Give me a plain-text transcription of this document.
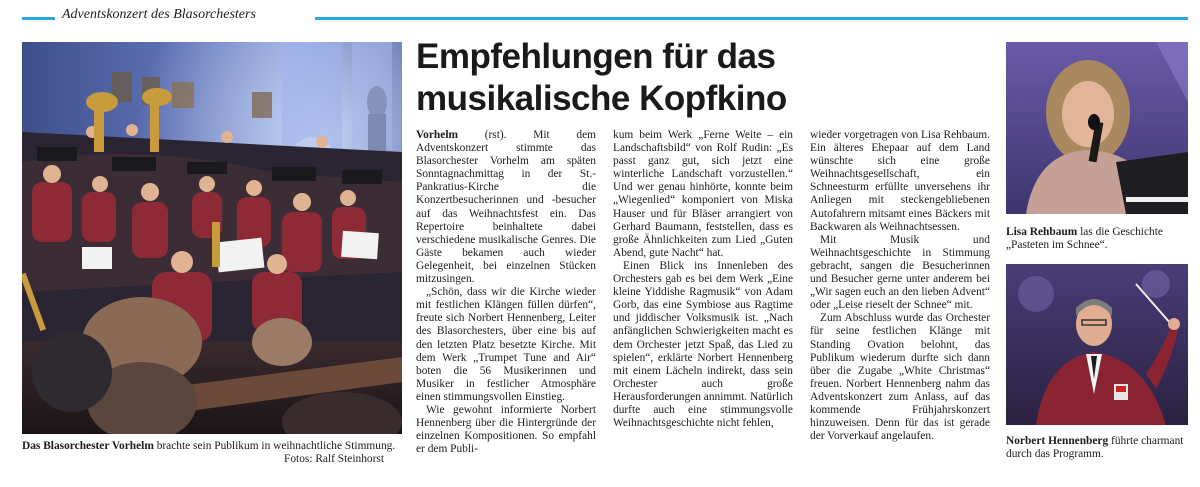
Adventskonzert des Blasorchesters
Empfehlungen für das
musikalische Kopfkino

Vorhelm (rst). Mit dem Adventskonzert stimmte das Blasorchester Vorhelm am späten Sonntagnachmittag in der St.-Pankratius-Kirche die Konzertbesucherinnen und -besucher auf das Weihnachtsfest ein. Das Repertoire beinhaltete dabei verschiedene musikalische Genres. Die Gäste bekamen auch wieder Gelegenheit, bei einzelnen Stücken mitzusingen.

„Schön, dass wir die Kirche wieder mit festlichen Klängen füllen dürfen“, freute sich Norbert Hennenberg, Leiter des Blasorchesters, über eine bis auf den letzten Platz besetzte Kirche. Mit dem Werk „Trumpet Tune and Air“ boten die 56 Musikerinnen und Musiker in festlicher Atmosphäre einen stimmungsvollen Einstieg.

Wie gewohnt informierte Norbert Hennenberg über die Hintergründe der einzelnen Kompositionen. So empfahl er dem Publi-

kum beim Werk „Ferne Weite – ein Landschaftsbild“ von Rolf Rudin: „Es passt ganz gut, sich jetzt eine winterliche Landschaft vorzustellen.“ Und wer genau hinhörte, konnte beim „Wiegenlied“ komponiert von Miska Hauser und für Bläser arrangiert von Gerhard Baumann, feststellen, dass es große Ähnlichkeiten zum Lied „Guten Abend, gute Nacht“ hat.

Einen Blick ins Innenleben des Orchesters gab es bei dem Werk „Eine kleine Yiddishe Ragmusik“ von Adam Gorb, das eine Symbiose aus Ragtime und jiddischer Volksmusik ist. „Nach anfänglichen Schwierigkeiten macht es dem Orchester jetzt Spaß, das Lied zu spielen“, erklärte Norbert Hennenberg mit einem Lächeln indirekt, dass sein Orchester auch große Herausforderungen annimmt. Natürlich durfte auch eine stimmungsvolle Weihnachtsgeschichte nicht fehlen,

wieder vorgetragen von Lisa Rehbaum. Ein älteres Ehepaar auf dem Land wünschte sich eine große Weihnachtsgesellschaft, ein Schneesturm erfüllte unversehens ihr Anliegen mit steckengebliebenen Autofahrern mitsamt eines Bäckers mit Backwaren als Weihnachtsessen.

Mit Musik und Weihnachtsgeschichte in Stimmung gebracht, sangen die Besucherinnen und Besucher gerne unter anderem bei „Wir sagen euch an den lieben Advent“ oder „Leise rieselt der Schnee“ mit.

Zum Abschluss wurde das Orchester für seine festlichen Klänge mit Standing Ovation belohnt, das Publikum wiederum durfte sich dann über die Zugabe „White Christmas“ freuen. Norbert Hennenberg nahm das Adventskonzert zum Anlass, auf das kommende Frühjahrskonzert hinzuweisen. Denn für das ist gerade der Vorverkauf angelaufen.

Lisa Rehbaum las die Geschichte „Pasteten im Schnee“.
Norbert Hennenberg führte charmant durch das Programm.
Das Blasorchester Vorhelm brachte sein Publikum in weihnachtliche Stimmung.
Fotos: Ralf Steinhorst
